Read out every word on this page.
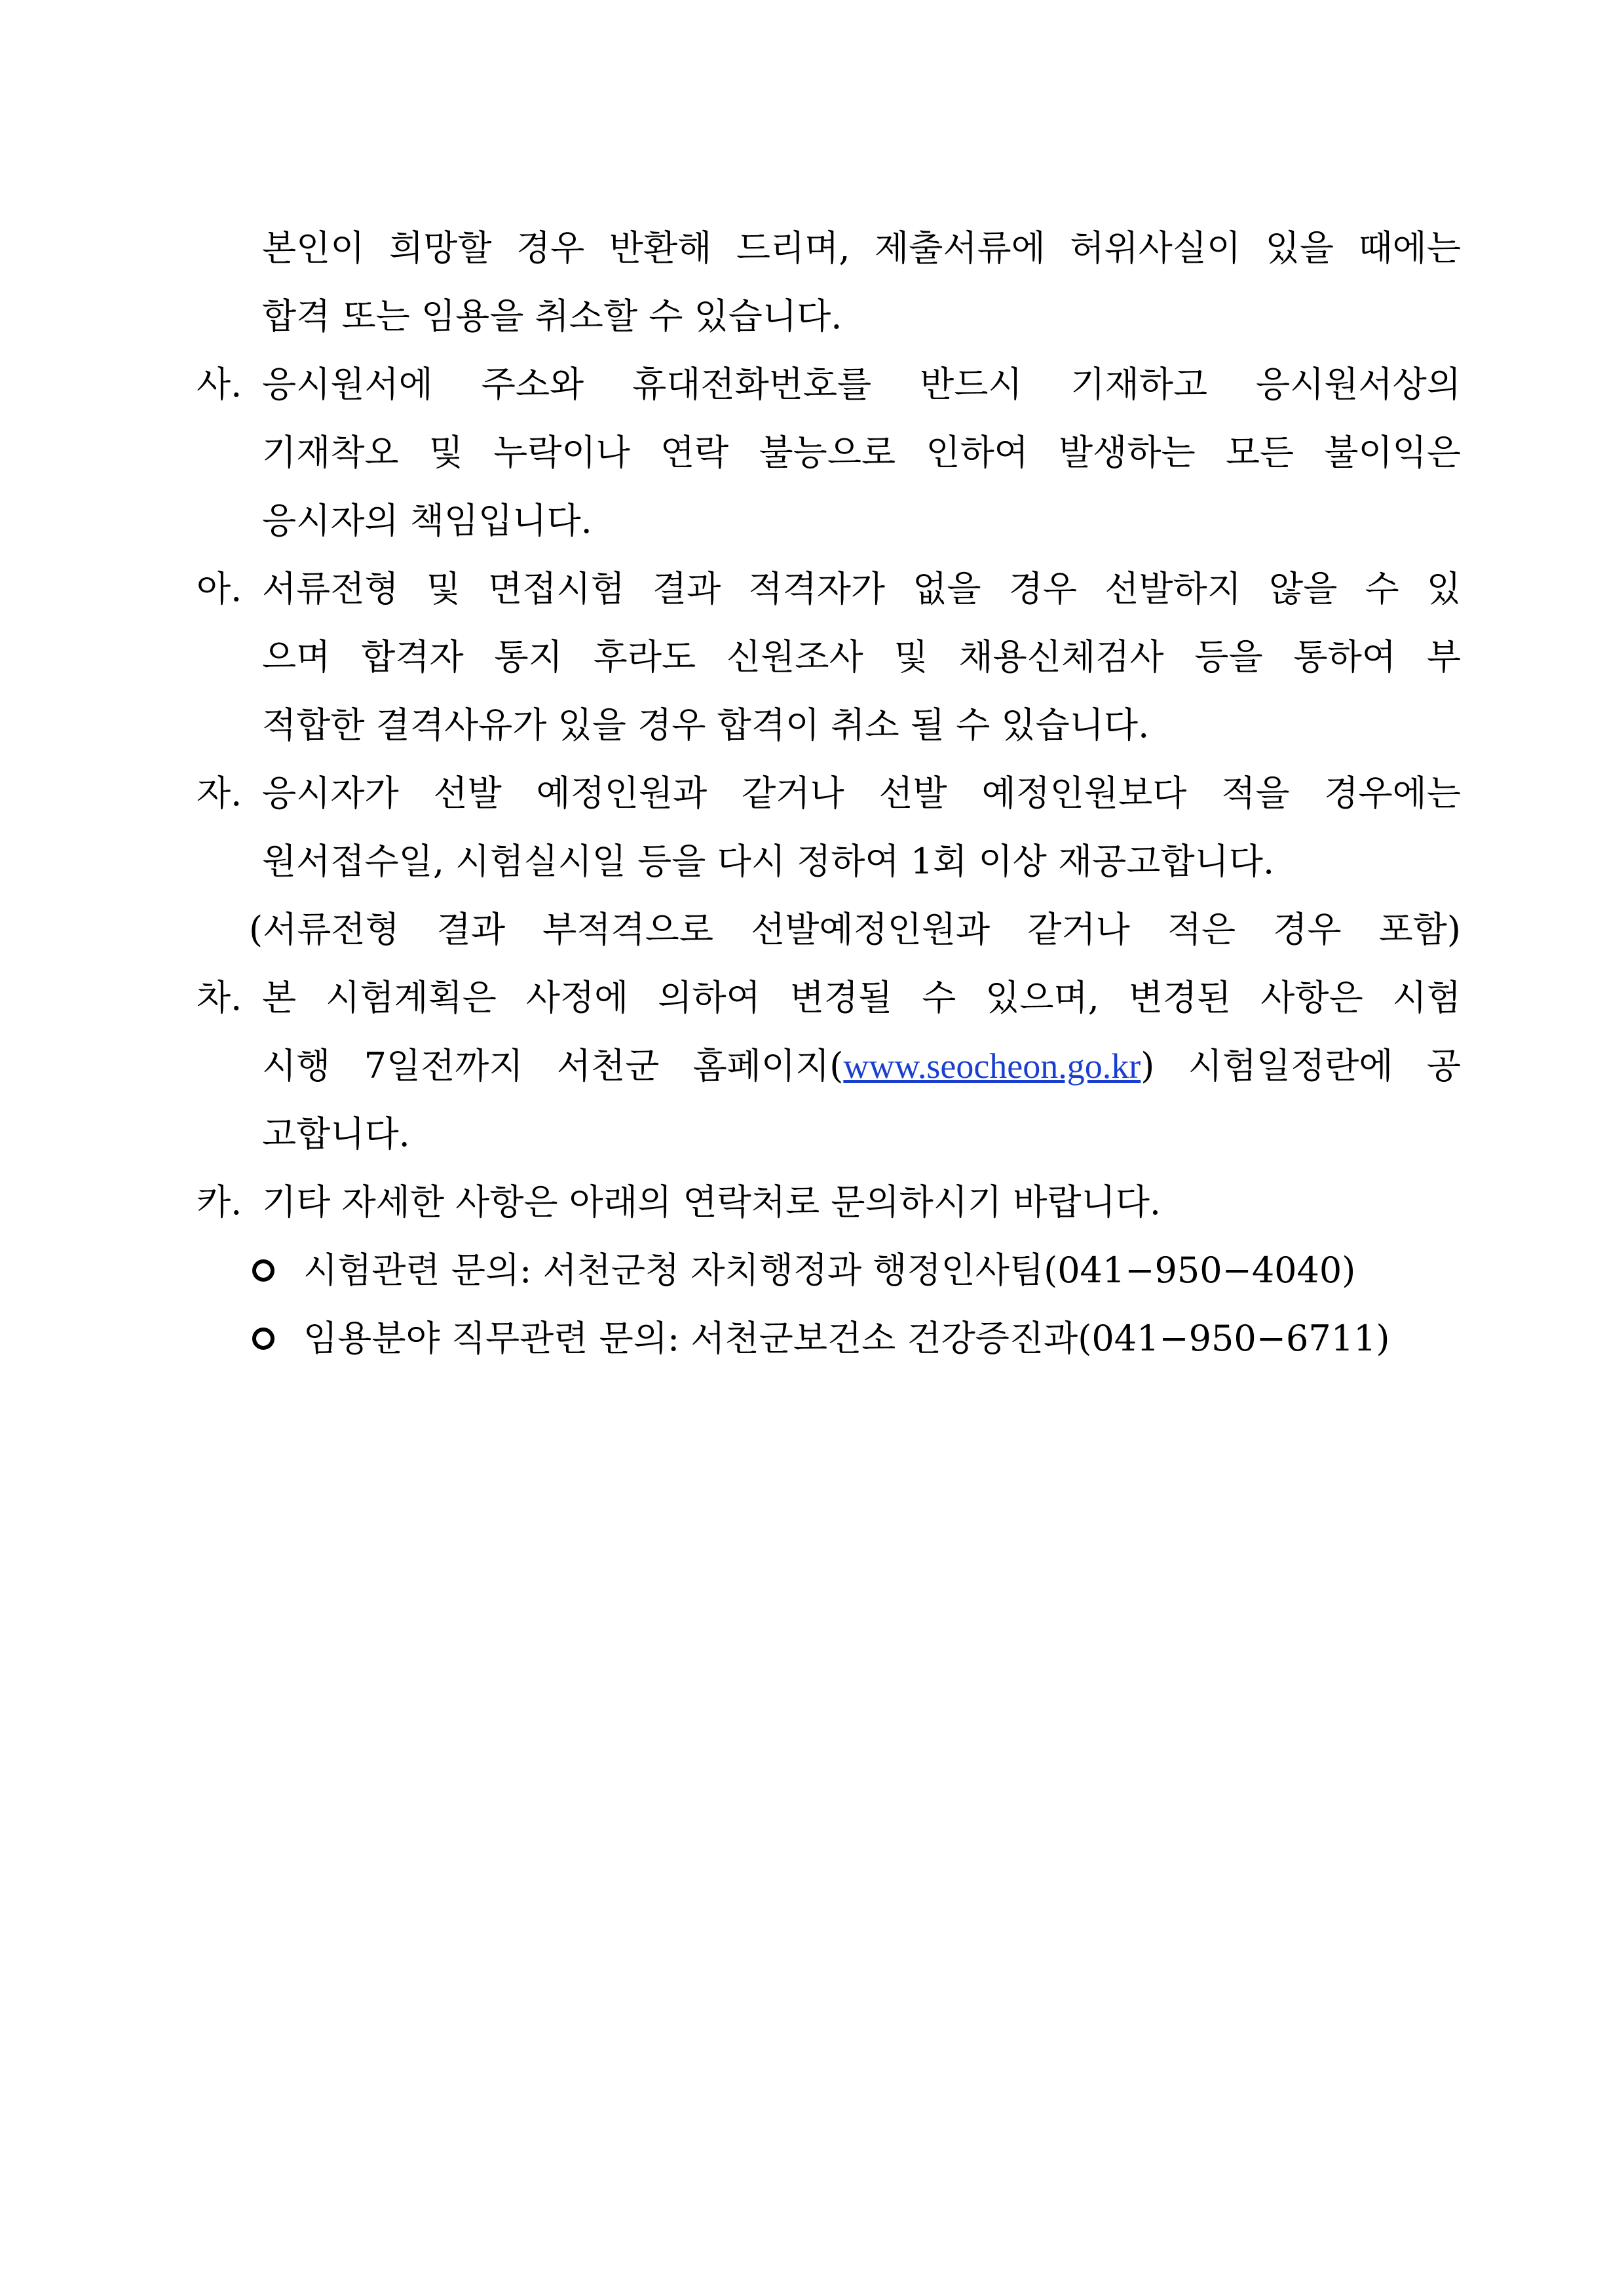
본인이 희망할 경우 반환해 드리며, 제출서류에 허위사실이 있을 때에는
합격 또는 임용을 취소할 수 있습니다.
사. 응시원서에 주소와 휴대전화번호를 반드시 기재하고 응시원서상의
기재착오 및 누락이나 연락 불능으로 인하여 발생하는 모든 불이익은
응시자의 책임입니다.
아. 서류전형 및 면접시험 결과 적격자가 없을 경우 선발하지 않을 수 있
으며 합격자 통지 후라도 신원조사 및 채용신체검사 등을 통하여 부
적합한 결격사유가 있을 경우 합격이 취소 될 수 있습니다.
자. 응시자가 선발 예정인원과 같거나 선발 예정인원보다 적을 경우에는
원서접수일, 시험실시일 등을 다시 정하여 1회 이상 재공고합니다.
(서류전형 결과 부적격으로 선발예정인원과 같거나 적은 경우 포함)
차. 본 시험계획은 사정에 의하여 변경될 수 있으며, 변경된 사항은 시험
시행 7일전까지 서천군 홈페이지(www.seocheon.go.kr) 시험일정란에 공
고합니다.
카. 기타 자세한 사항은 아래의 연락처로 문의하시기 바랍니다.
시험관련 문의: 서천군청 자치행정과 행정인사팀(041−950−4040)
임용분야 직무관련 문의: 서천군보건소 건강증진과(041−950−6711)
